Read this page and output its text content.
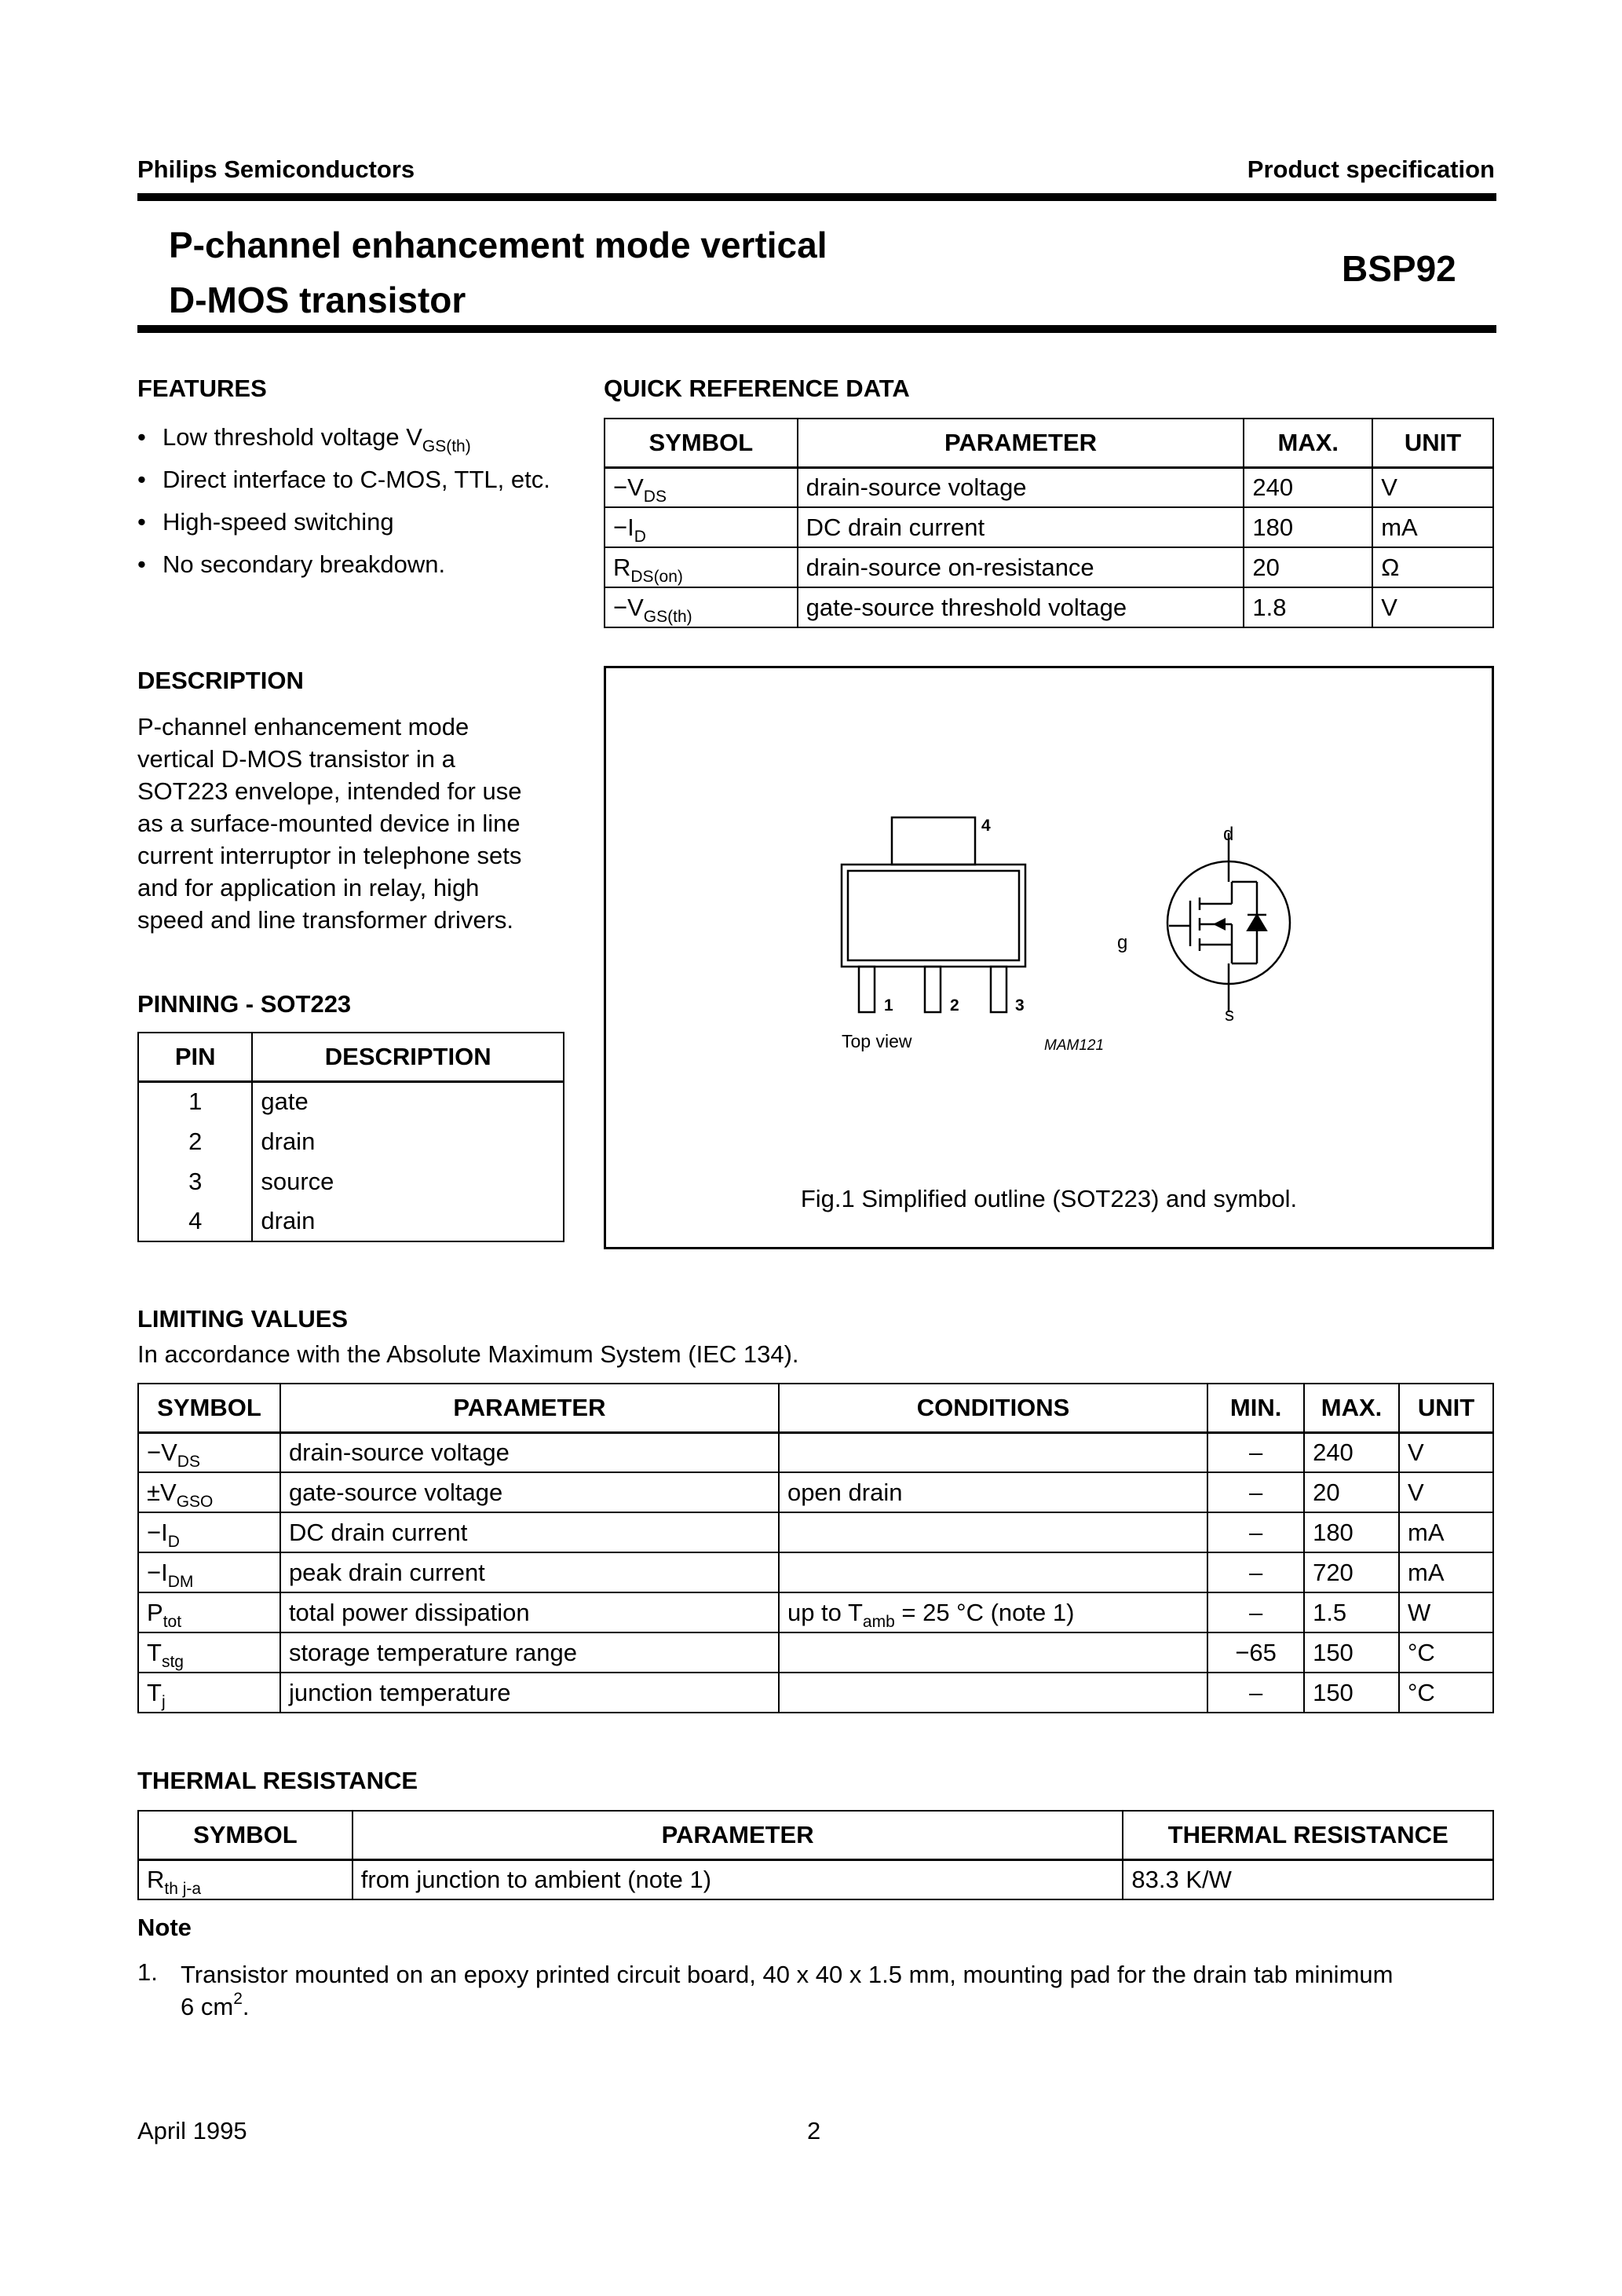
Philips Semiconductors	Product specification
P-channel enhancement mode vertical
D-MOS transistor
BSP92
FEATURES
• Low threshold voltage $V_{GS(th)}$
• Direct interface to C-MOS, TTL, etc.
• High-speed switching
• No secondary breakdown.
QUICK REFERENCE DATA
SYMBOL	PARAMETER	MAX.	UNIT
$-V_{DS}$	drain-source voltage	240	V
$-I_D$	DC drain current	180	mA
$R_{DS(on)}$	drain-source on-resistance	20	Ω
$-V_{GS(th)}$	gate-source threshold voltage	1.8	V
DESCRIPTION
P-channel enhancement mode
vertical D-MOS transistor in a
SOT223 envelope, intended for use
as a surface-mounted device in line
current interruptor in telephone sets
and for application in relay, high
speed and line transformer drivers.
PINNING - SOT223
PIN	DESCRIPTION
1	gate
2	drain
3	source
4	drain
4
1	2	3
Top view	MAM121
d
g
s
Fig.1 Simplified outline (SOT223) and symbol.
LIMITING VALUES
In accordance with the Absolute Maximum System (IEC 134).
SYMBOL	PARAMETER	CONDITIONS	MIN.	MAX.	UNIT
$-V_{DS}$	drain-source voltage		–	240	V
$\pm V_{GSO}$	gate-source voltage	open drain	–	20	V
$-I_D$	DC drain current		–	180	mA
$-I_{DM}$	peak drain current		–	720	mA
$P_{tot}$	total power dissipation	up to $T_{amb} = 25$ °C (note 1)	–	1.5	W
$T_{stg}$	storage temperature range		−65	150	°C
$T_j$	junction temperature		–	150	°C
THERMAL RESISTANCE
SYMBOL	PARAMETER	THERMAL RESISTANCE
$R_{th j-a}$	from junction to ambient (note 1)	83.3 K/W
Note
1. Transistor mounted on an epoxy printed circuit board, 40 x 40 x 1.5 mm, mounting pad for the drain tab minimum
6 $cm^2$.
April 1995	2
